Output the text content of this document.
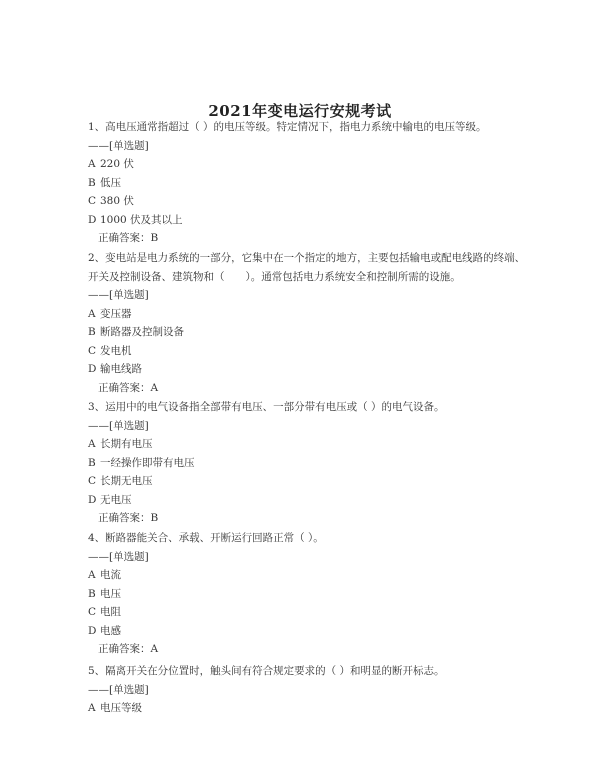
2021年变电运行安规考试
1、高电压通常指超过（ ）的电压等级。特定情况下，指电力系统中输电的电压等级。
——[单选题]
A 220 伏
B 低压
C 380 伏
D 1000 伏及其以上
正确答案：B
2、变电站是电力系统的一部分，它集中在一个指定的地方，主要包括输电或配电线路的终端、
开关及控制设备、建筑物和（　　）。通常包括电力系统安全和控制所需的设施。
——[单选题]
A 变压器
B 断路器及控制设备
C 发电机
D 输电线路
正确答案：A
3、运用中的电气设备指全部带有电压、一部分带有电压或（ ）的电气设备。
——[单选题]
A 长期有电压
B 一经操作即带有电压
C 长期无电压
D 无电压
正确答案：B
4、断路器能关合、承载、开断运行回路正常（ ）。
——[单选题]
A 电流
B 电压
C 电阻
D 电感
正确答案：A
5、隔离开关在分位置时，触头间有符合规定要求的（ ）和明显的断开标志。
——[单选题]
A 电压等级
